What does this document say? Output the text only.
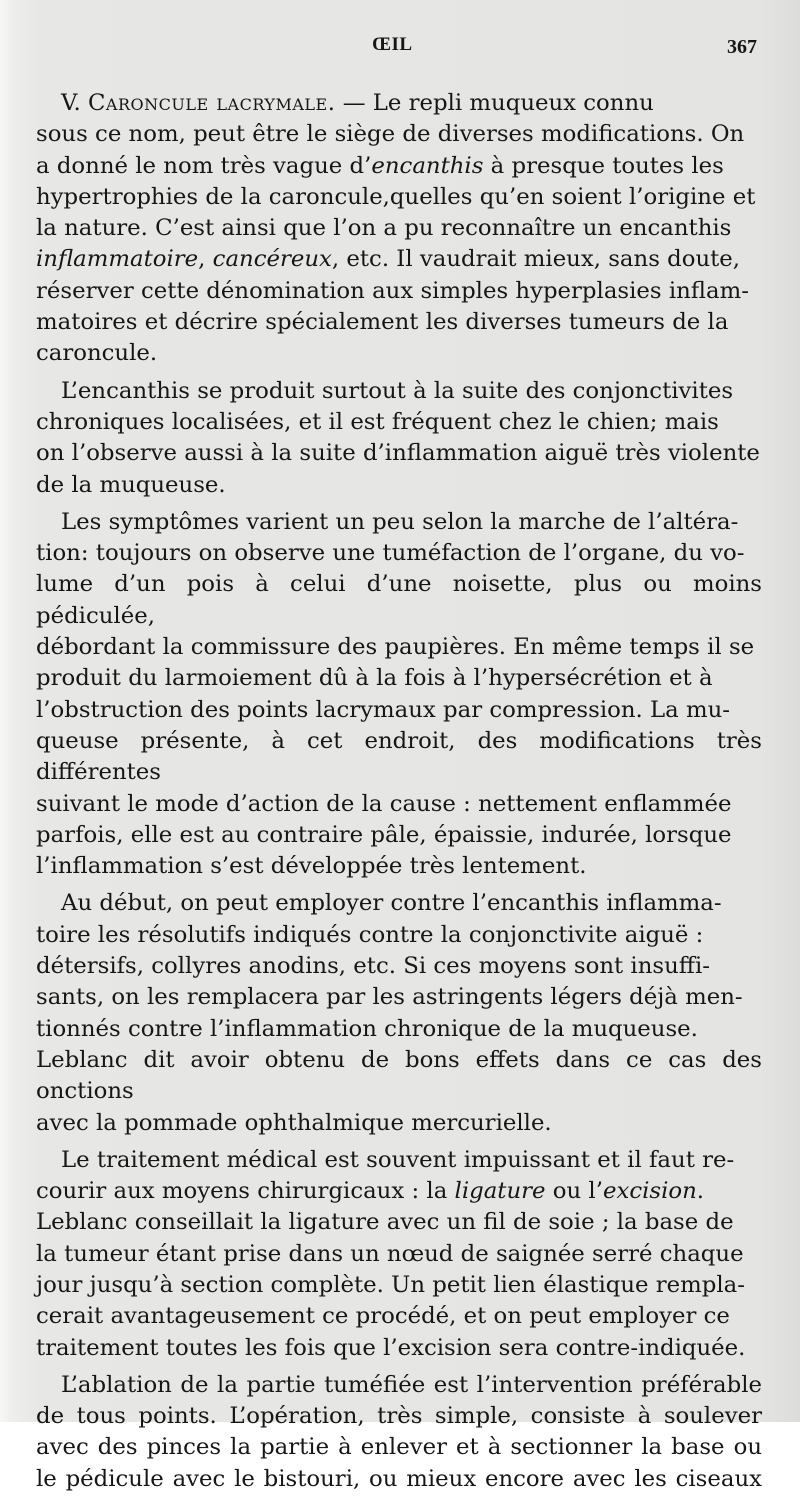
ŒIL	367

V. Caroncule lacrymale. — Le repli muqueux connu
sous ce nom, peut être le siège de diverses modifications. On
a donné le nom très vague d’encanthis à presque toutes les
hypertrophies de la caroncule,quelles qu’en soient l’origine et
la nature. C’est ainsi que l’on a pu reconnaître un encanthis
inflammatoire, cancéreux, etc. Il vaudrait mieux, sans doute,
réserver cette dénomination aux simples hyperplasies inflam-
matoires et décrire spécialement les diverses tumeurs de la
caroncule.

L’encanthis se produit surtout à la suite des conjonctivites
chroniques localisées, et il est fréquent chez le chien; mais
on l’observe aussi à la suite d’inflammation aiguë très violente
de la muqueuse.

Les symptômes varient un peu selon la marche de l’altéra-
tion: toujours on observe une tuméfaction de l’organe, du vo-
lume d’un pois à celui d’une noisette, plus ou moins pédiculée,
débordant la commissure des paupières. En même temps il se
produit du larmoiement dû à la fois à l’hypersécrétion et à
l’obstruction des points lacrymaux par compression. La mu-
queuse présente, à cet endroit, des modifications très différentes
suivant le mode d’action de la cause : nettement enflammée
parfois, elle est au contraire pâle, épaissie, indurée, lorsque
l’inflammation s’est développée très lentement.

Au début, on peut employer contre l’encanthis inflamma-
toire les résolutifs indiqués contre la conjonctivite aiguë :
détersifs, collyres anodins, etc. Si ces moyens sont insuffi-
sants, on les remplacera par les astringents légers déjà men-
tionnés contre l’inflammation chronique de la muqueuse.
Leblanc dit avoir obtenu de bons effets dans ce cas des onctions
avec la pommade ophthalmique mercurielle.

Le traitement médical est souvent impuissant et il faut re-
courir aux moyens chirurgicaux : la ligature ou l’excision.
Leblanc conseillait la ligature avec un fil de soie ; la base de
la tumeur étant prise dans un nœud de saignée serré chaque
jour jusqu’à section complète. Un petit lien élastique rempla-
cerait avantageusement ce procédé, et on peut employer ce
traitement toutes les fois que l’excision sera contre-indiquée.

L’ablation de la partie tuméfiée est l’intervention préférable
de tous points. L’opération, très simple, consiste à soulever
avec des pinces la partie à enlever et à sectionner la base ou
le pédicule avec le bistouri, ou mieux encore avec les ciseaux
